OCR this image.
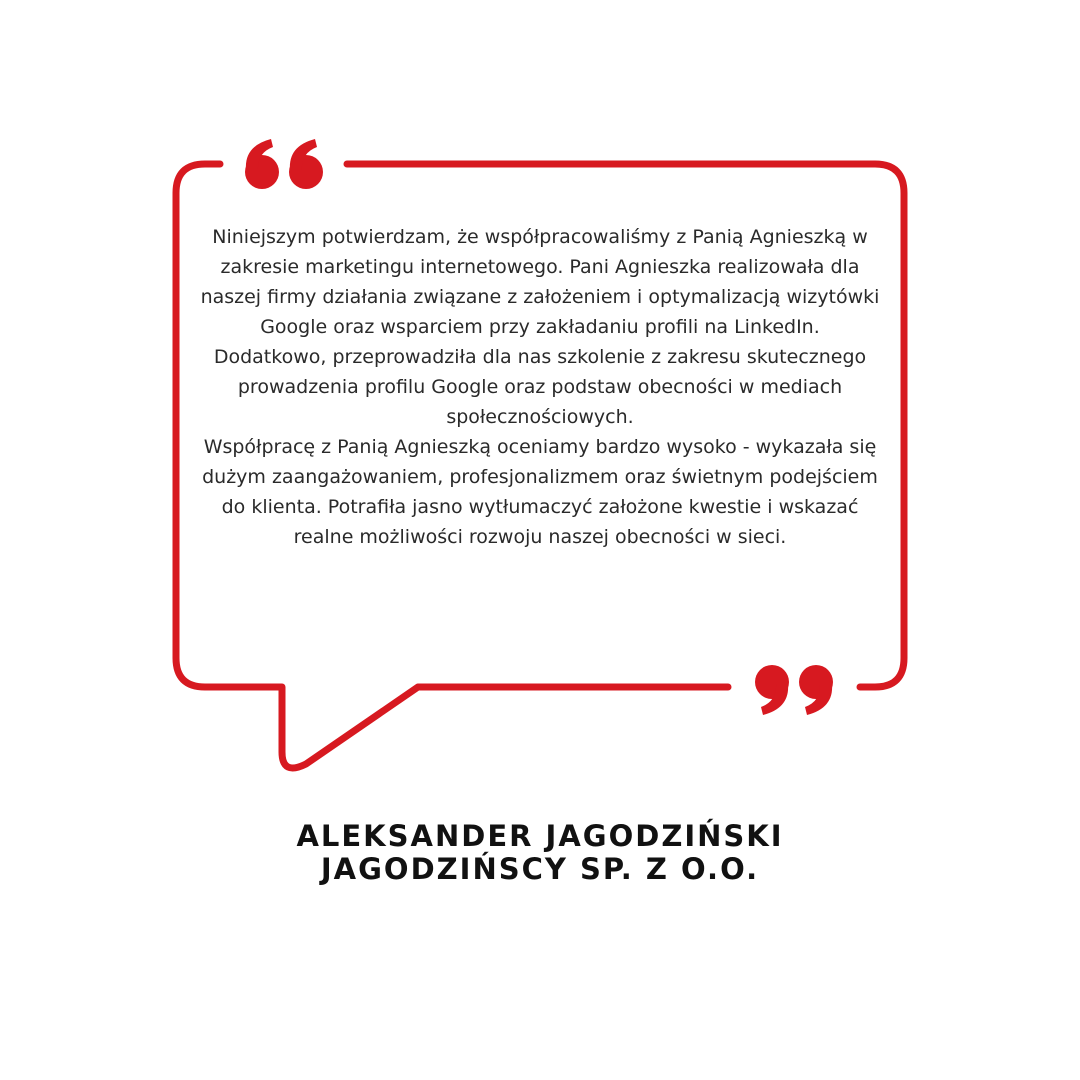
Niniejszym potwierdzam, że współpracowaliśmy z Panią Agnieszką w zakresie marketingu internetowego. Pani Agnieszka realizowała dla naszej firmy działania związane z założeniem i optymalizacją wizytówki Google oraz wsparciem przy zakładaniu profili na LinkedIn.

Dodatkowo, przeprowadziła dla nas szkolenie z zakresu skutecznego prowadzenia profilu Google oraz podstaw obecności w mediach społecznościowych.

Współpracę z Panią Agnieszką oceniamy bardzo wysoko - wykazała się dużym zaangażowaniem, profesjonalizmem oraz świetnym podejściem do klienta. Potrafiła jasno wytłumaczyć założone kwestie i wskazać realne możliwości rozwoju naszej obecności w sieci.

ALEKSANDER JAGODZIŃSKI
JAGODZIŃSCY SP. Z O.O.
